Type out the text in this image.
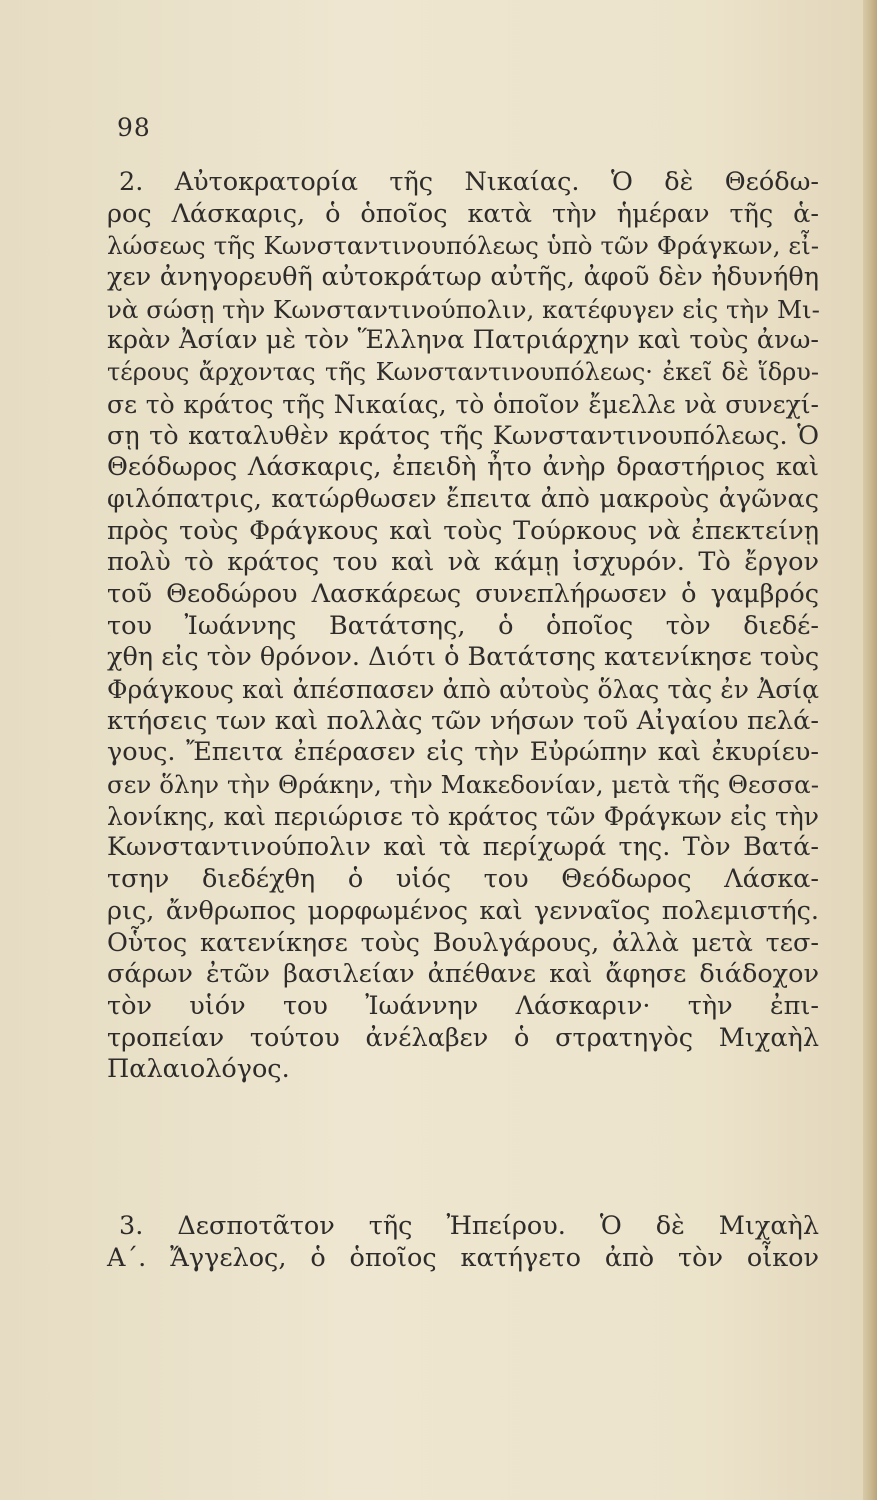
98
2. Αὐτοκρατορία τῆς Νικαίας. Ὁ δὲ Θεόδω-
ρος Λάσκαρις, ὁ ὁποῖος κατὰ τὴν ἡμέραν τῆς ἁ-
λώσεως τῆς Κωνσταντινουπόλεως ὑπὸ τῶν Φράγκων, εἶ-
χεν ἀνηγορευθῆ αὐτοκράτωρ αὐτῆς, ἀφοῦ δὲν ἠδυνήθη
νὰ σώσῃ τὴν Κωνσταντινούπολιν, κατέφυγεν εἰς τὴν Μι-
κρὰν Ἀσίαν μὲ τὸν Ἕλληνα Πατριάρχην καὶ τοὺς ἀνω-
τέρους ἄρχοντας τῆς Κωνσταντινουπόλεως· ἐκεῖ δὲ ἵδρυ-
σε τὸ κράτος τῆς Νικαίας, τὸ ὁποῖον ἔμελλε νὰ συνεχί-
σῃ τὸ καταλυθὲν κράτος τῆς Κωνσταντινουπόλεως. Ὁ
Θεόδωρος Λάσκαρις, ἐπειδὴ ἦτο ἀνὴρ δραστήριος καὶ
φιλόπατρις, κατώρθωσεν ἔπειτα ἀπὸ μακροὺς ἀγῶνας
πρὸς τοὺς Φράγκους καὶ τοὺς Τούρκους νὰ ἐπεκτείνῃ
πολὺ τὸ κράτος του καὶ νὰ κάμῃ ἰσχυρόν. Τὸ ἔργον
τοῦ Θεοδώρου Λασκάρεως συνεπλήρωσεν ὁ γαμβρός
του Ἰωάννης Βατάτσης, ὁ ὁποῖος τὸν διεδέ-
χθη εἰς τὸν θρόνον. Διότι ὁ Βατάτσης κατενίκησε τοὺς
Φράγκους καὶ ἀπέσπασεν ἀπὸ αὐτοὺς ὅλας τὰς ἐν Ἀσίᾳ
κτήσεις των καὶ πολλὰς τῶν νήσων τοῦ Αἰγαίου πελά-
γους. Ἔπειτα ἐπέρασεν εἰς τὴν Εὐρώπην καὶ ἐκυρίευ-
σεν ὅλην τὴν Θράκην, τὴν Μακεδονίαν, μετὰ τῆς Θεσσα-
λονίκης, καὶ περιώρισε τὸ κράτος τῶν Φράγκων εἰς τὴν
Κωνσταντινούπολιν καὶ τὰ περίχωρά της. Τὸν Βατά-
τσην διεδέχθη ὁ υἱός του Θεόδωρος Λάσκα-
ρις, ἄνθρωπος μορφωμένος καὶ γενναῖος πολεμιστής.
Οὗτος κατενίκησε τοὺς Βουλγάρους, ἀλλὰ μετὰ τεσ-
σάρων ἐτῶν βασιλείαν ἀπέθανε καὶ ἄφησε διάδοχον
τὸν υἱόν του Ἰωάννην Λάσκαριν· τὴν ἐπι-
τροπείαν τούτου ἀνέλαβεν ὁ στρατηγὸς Μιχαὴλ
Παλαιολόγος.
3. Δεσποτᾶτον τῆς Ἠπείρου. Ὁ δὲ Μιχαὴλ
Α΄. Ἄγγελος, ὁ ὁποῖος κατήγετο ἀπὸ τὸν οἶκον
